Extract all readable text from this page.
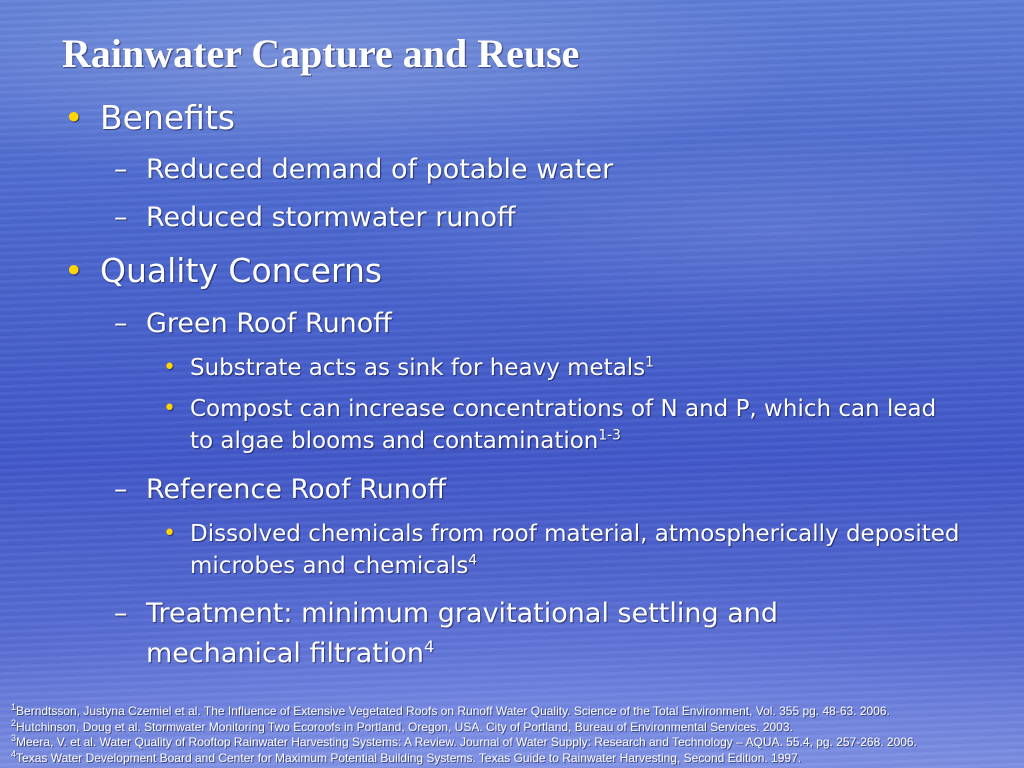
Rainwater Capture and Reuse
• Benefits
– Reduced demand of potable water
– Reduced stormwater runoff
• Quality Concerns
– Green Roof Runoff
• Substrate acts as sink for heavy metals$^1$
• Compost can increase concentrations of N and P, which can lead to algae blooms and contamination$^{1-3}$
– Reference Roof Runoff
• Dissolved chemicals from roof material, atmospherically deposited microbes and chemicals$^4$
– Treatment: minimum gravitational settling and mechanical filtration$^4$
$^1$Berndtsson, Justyna Czemiel et al. The Influence of Extensive Vegetated Roofs on Runoff Water Quality. Science of the Total Environment, Vol. 355 pg. 48-63. 2006.
$^2$Hutchinson, Doug et al. Stormwater Monitoring Two Ecoroofs in Portland, Oregon, USA. City of Portland, Bureau of Environmental Services. 2003.
$^3$Meera, V. et al. Water Quality of Rooftop Rainwater Harvesting Systems: A Review. Journal of Water Supply: Research and Technology – AQUA. 55.4, pg. 257-268. 2006.
$^4$Texas Water Development Board and Center for Maximum Potential Building Systems. Texas Guide to Rainwater Harvesting, Second Edition. 1997.
